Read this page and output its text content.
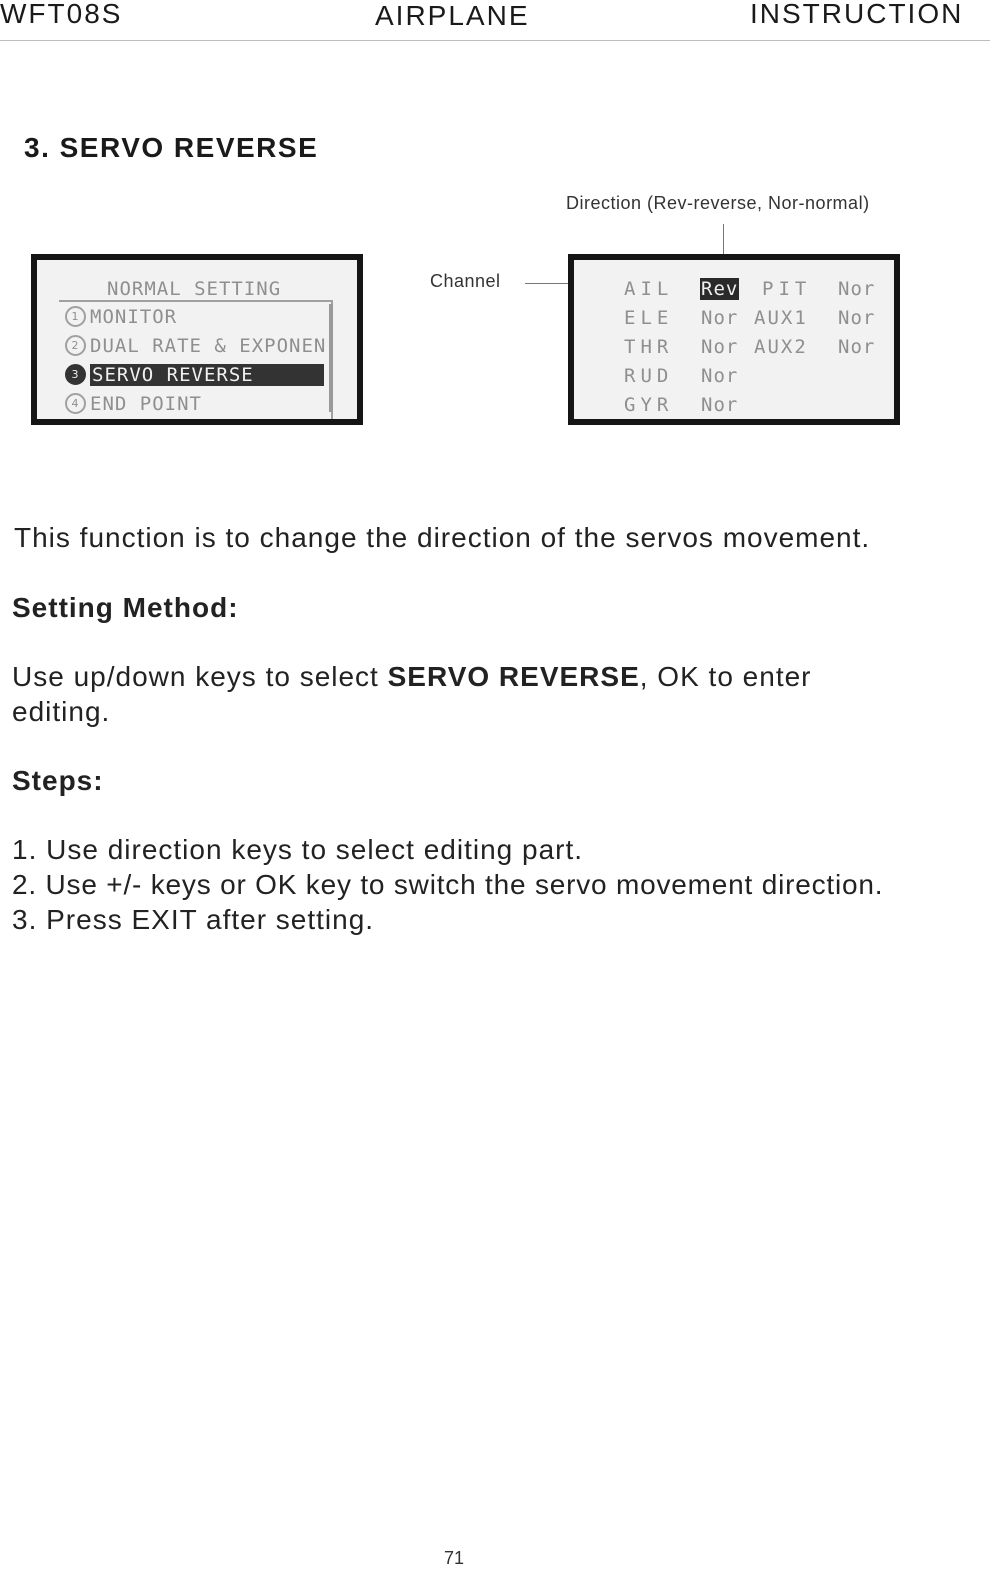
WFT08S	AIRPLANE	INSTRUCTION
3. SERVO REVERSE
Direction (Rev-reverse, Nor-normal)
Channel
NORMAL SETTING
1 MONITOR
2 DUAL RATE & EXPONEN
3 SERVO REVERSE
4 END POINT
AIL Rev
ELE Nor
THR Nor
RUD Nor
GYR Nor
PIT Nor
AUX1 Nor
AUX2 Nor
This function is to change the direction of the servos movement.
Setting Method:
Use up/down keys to select SERVO REVERSE, OK to enter
editing.
Steps:
1. Use direction keys to select editing part.
2. Use +/- keys or OK key to switch the servo movement direction.
3. Press EXIT after setting.
71
